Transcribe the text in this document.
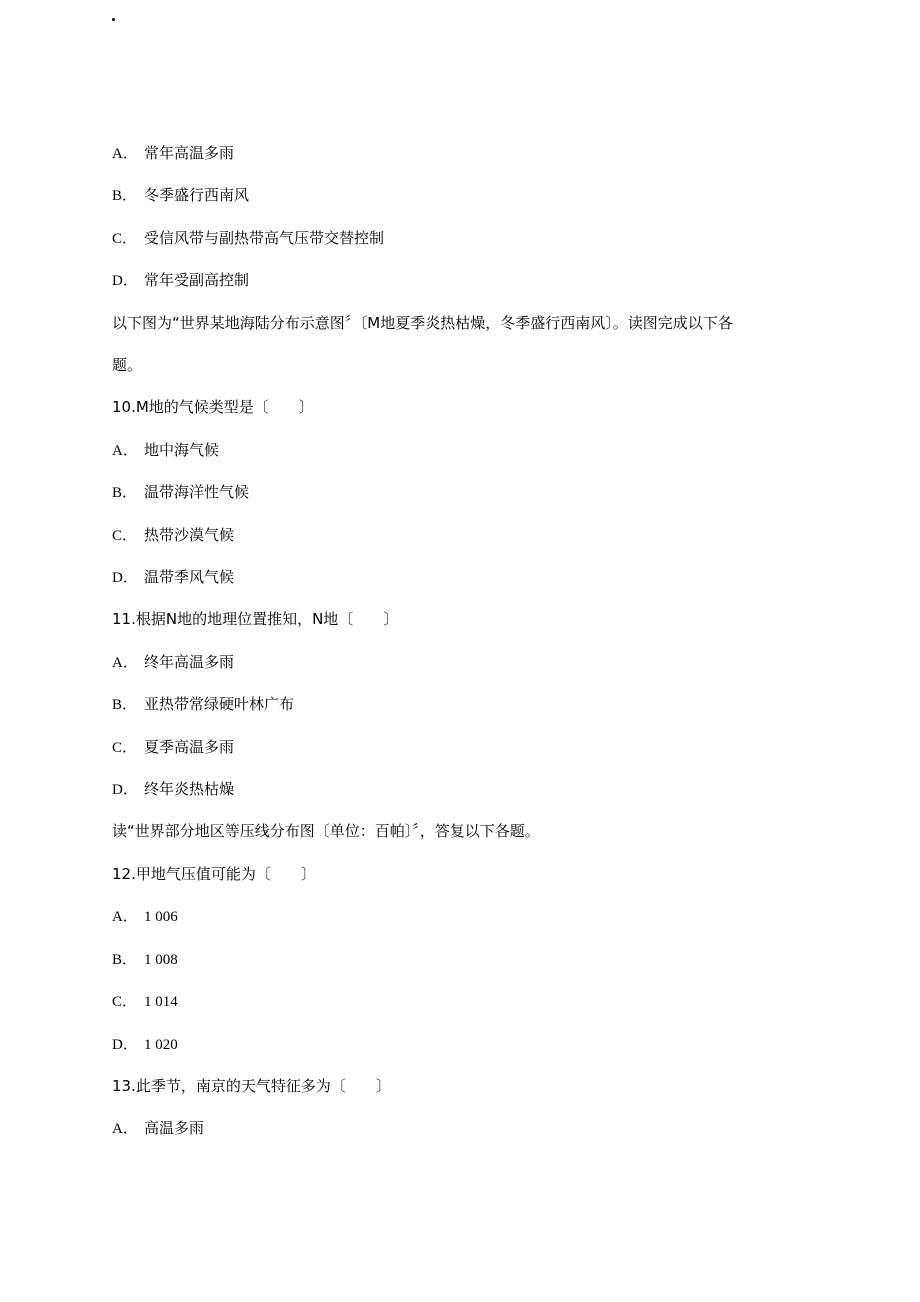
A． 常年高温多雨
B． 冬季盛行西南风
C． 受信风带与副热带高气压带交替控制
D． 常年受副高控制
以下图为“世界某地海陆分布示意图〞〔M地夏季炎热枯燥，冬季盛行西南风〕。读图完成以下各
题。
10.M地的气候类型是〔　　〕
A． 地中海气候
B． 温带海洋性气候
C． 热带沙漠气候
D． 温带季风气候
11.根据N地的地理位置推知，N地〔　　〕
A． 终年高温多雨
B． 亚热带常绿硬叶林广布
C． 夏季高温多雨
D． 终年炎热枯燥
读“世界部分地区等压线分布图〔单位：百帕〕〞，答复以下各题。
12.甲地气压值可能为〔　　〕
A． 1 006
B． 1 008
C． 1 014
D． 1 020
13.此季节，南京的天气特征多为〔　　〕
A． 高温多雨
